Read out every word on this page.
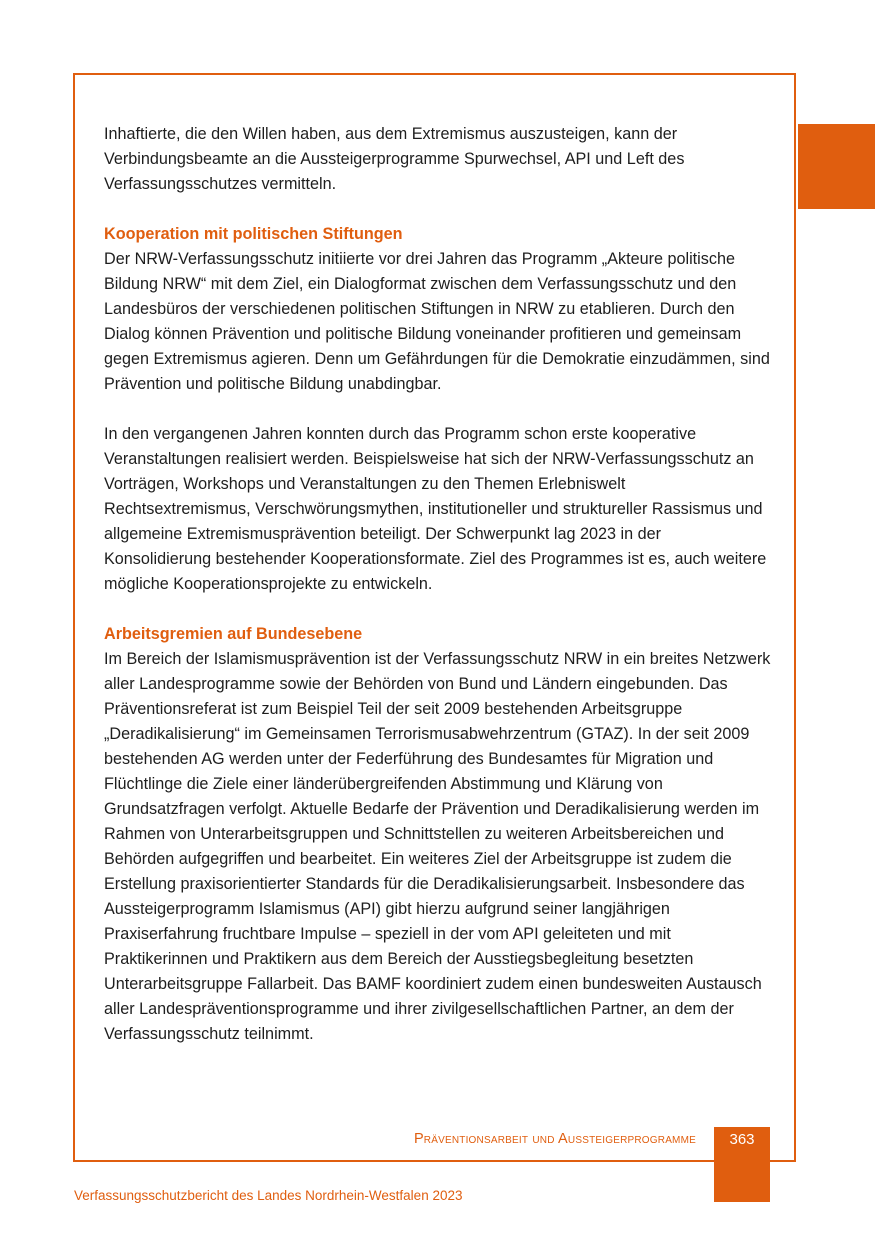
Inhaftierte, die den Willen haben, aus dem Extremismus auszusteigen, kann der Verbindungsbeamte an die Aussteigerprogramme Spurwechsel, API und Left des Verfassungsschutzes vermitteln.

Kooperation mit politischen Stiftungen

Der NRW-Verfassungsschutz initiierte vor drei Jahren das Programm „Akteure politische Bildung NRW“ mit dem Ziel, ein Dialogformat zwischen dem Verfassungsschutz und den Landesbüros der verschiedenen politischen Stiftungen in NRW zu etablieren. Durch den Dialog können Prävention und politische Bildung voneinander profitieren und gemeinsam gegen Extremismus agieren. Denn um Gefährdungen für die Demokratie einzudämmen, sind Prävention und politische Bildung unabdingbar.

In den vergangenen Jahren konnten durch das Programm schon erste kooperative Veranstaltungen realisiert werden. Beispielsweise hat sich der NRW-Verfassungsschutz an Vorträgen, Workshops und Veranstaltungen zu den Themen Erlebniswelt Rechtsextremismus, Verschwörungsmythen, institutioneller und struktureller Rassismus und allgemeine Extremismusprävention beteiligt. Der Schwerpunkt lag 2023 in der Konsolidierung bestehender Kooperationsformate. Ziel des Programmes ist es, auch weitere mögliche Kooperationsprojekte zu entwickeln.

Arbeitsgremien auf Bundesebene

Im Bereich der Islamismusprävention ist der Verfassungsschutz NRW in ein breites Netzwerk aller Landesprogramme sowie der Behörden von Bund und Ländern eingebunden. Das Präventionsreferat ist zum Beispiel Teil der seit 2009 bestehenden Arbeitsgruppe „Deradikalisierung“ im Gemeinsamen Terrorismusabwehrzentrum (GTAZ). In der seit 2009 bestehenden AG werden unter der Federführung des Bundesamtes für Migration und Flüchtlinge die Ziele einer länderübergreifenden Abstimmung und Klärung von Grundsatzfragen verfolgt. Aktuelle Bedarfe der Prävention und Deradikalisierung werden im Rahmen von Unterarbeitsgruppen und Schnittstellen zu weiteren Arbeitsbereichen und Behörden aufgegriffen und bearbeitet. Ein weiteres Ziel der Arbeitsgruppe ist zudem die Erstellung praxisorientierter Standards für die Deradikalisierungsarbeit. Insbesondere das Aussteigerprogramm Islamismus (API) gibt hierzu aufgrund seiner langjährigen Praxiserfahrung fruchtbare Impulse – speziell in der vom API geleiteten und mit Praktikerinnen und Praktikern aus dem Bereich der Ausstiegsbegleitung besetzten Unterarbeitsgruppe Fallarbeit. Das BAMF koordiniert zudem einen bundesweiten Austausch aller Landespräventionsprogramme und ihrer zivilgesellschaftlichen Partner, an dem der Verfassungsschutz teilnimmt.

Präventionsarbeit und Aussteigerprogramme	363
Verfassungsschutzbericht des Landes Nordrhein-Westfalen 2023
